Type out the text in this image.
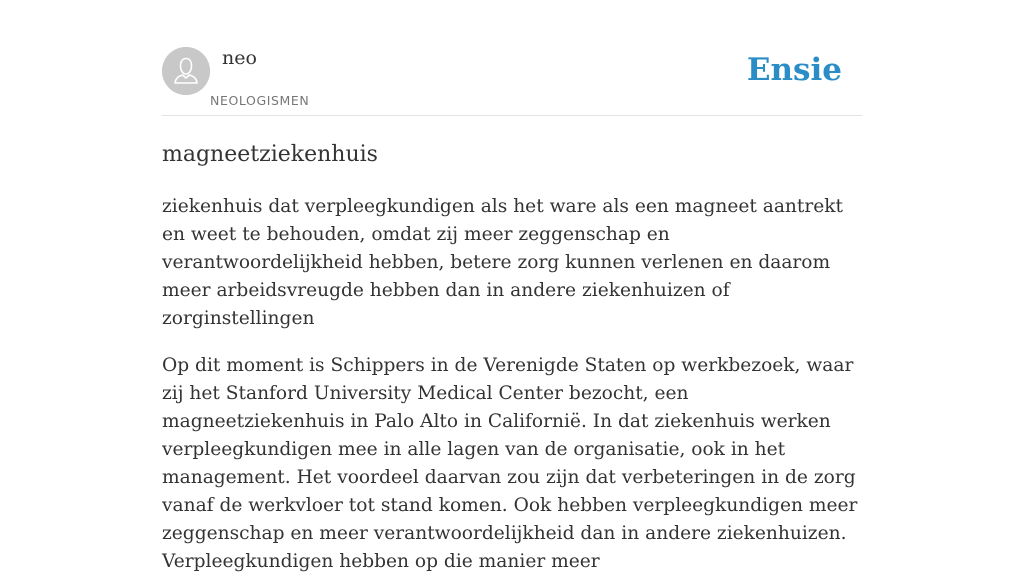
neo
NEOLOGISMEN
Ensie
magneetziekenhuis

ziekenhuis dat verpleegkundigen als het ware als een magneet aantrekt en weet te behouden, omdat zij meer zeggenschap en verantwoordelijkheid hebben, betere zorg kunnen verlenen en daarom meer arbeidsvreugde hebben dan in andere ziekenhuizen of zorginstellingen

Op dit moment is Schippers in de Verenigde Staten op werkbezoek, waar zij het Stanford University Medical Center bezocht, een magneetziekenhuis in Palo Alto in Californië. In dat ziekenhuis werken verpleegkundigen mee in alle lagen van de organisatie, ook in het management. Het voordeel daarvan zou zijn dat verbeteringen in de zorg vanaf de werkvloer tot stand komen. Ook hebben verpleegkundigen meer zeggenschap en meer verantwoordelijkheid dan in andere ziekenhuizen. Verpleegkundigen hebben op die manier meer
